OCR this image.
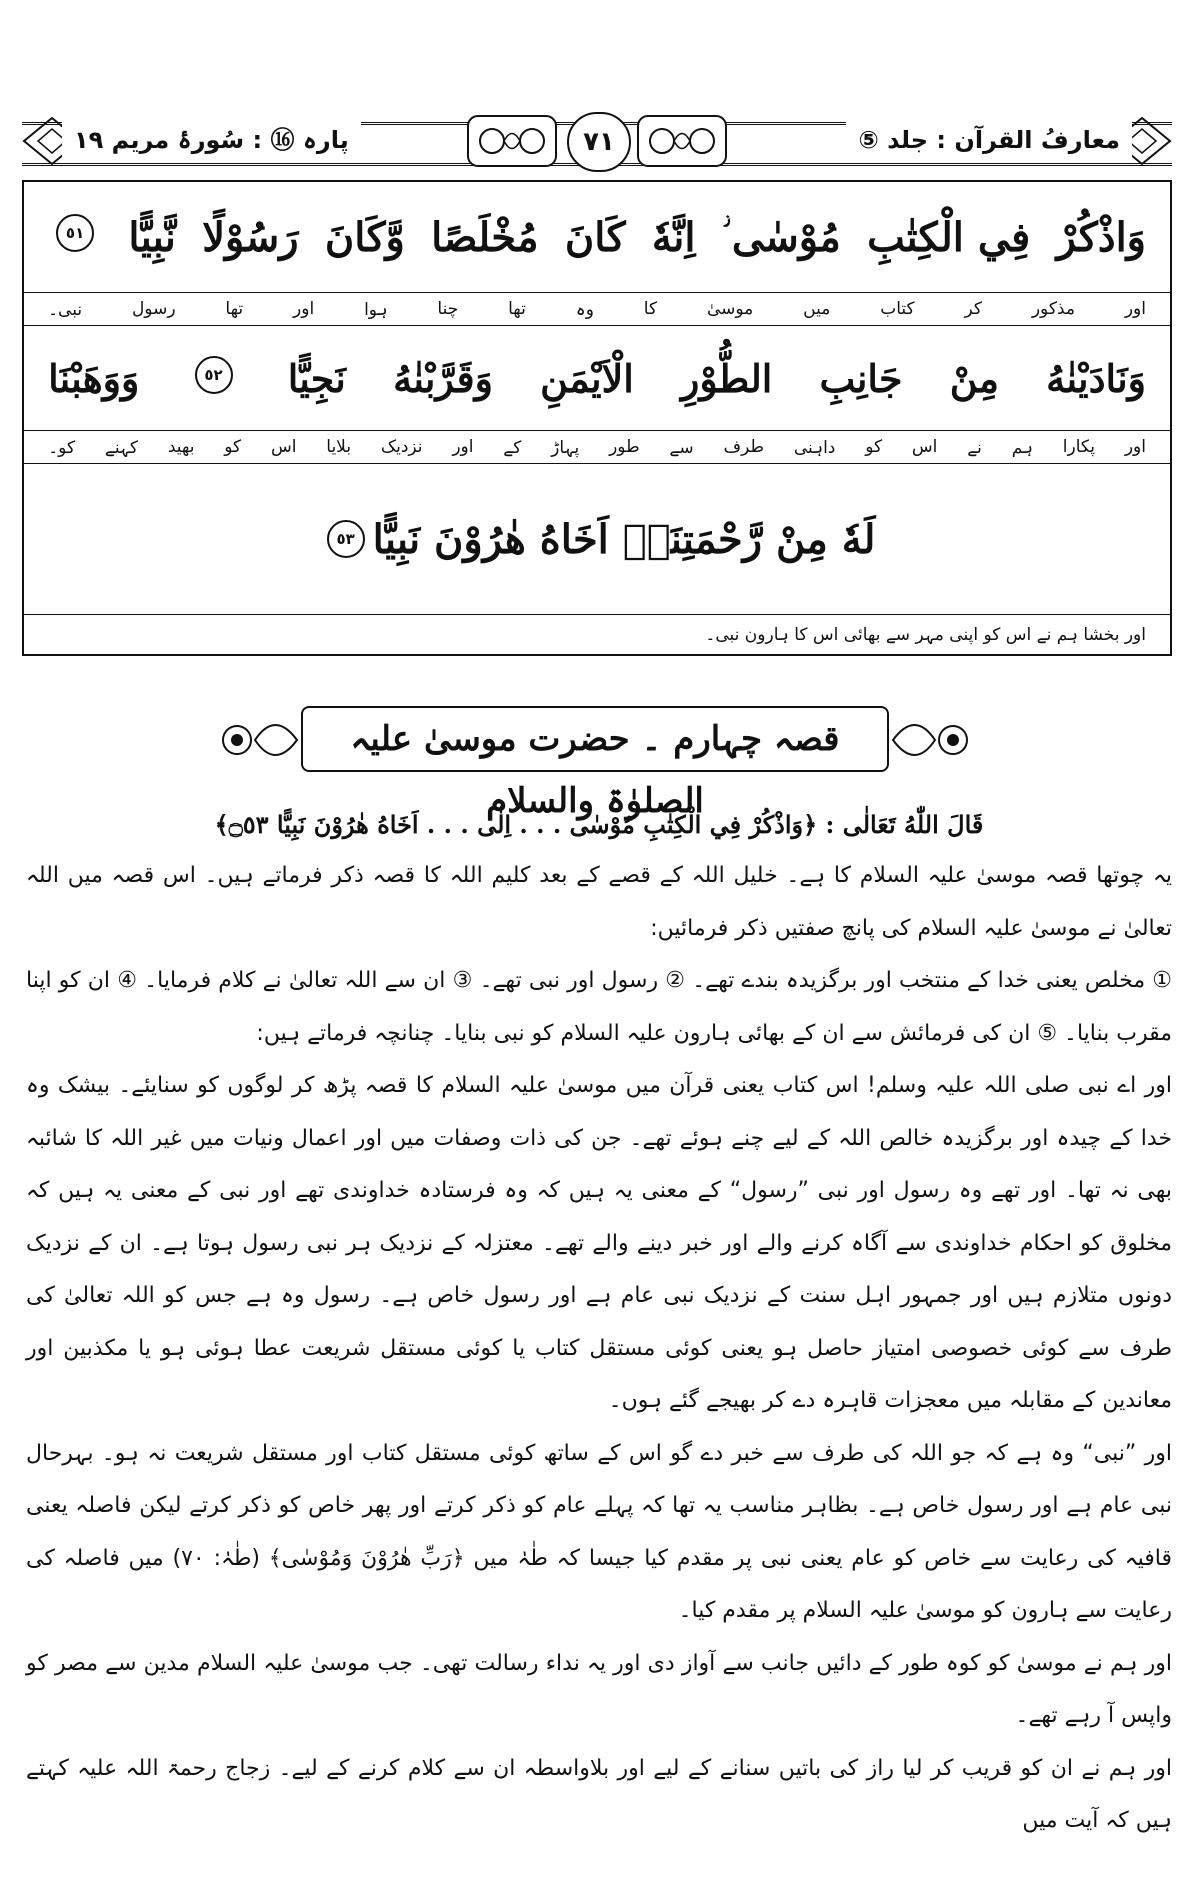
معارفُ القرآن : جلد ⑤
٧١
پارہ ⑯ : سُورۂ مریم ١٩
وَاذْكُرْ
فِي الْكِتٰبِ
مُوْسٰى ؗ
اِنَّهٗ
كَانَ
مُخْلَصًا
وَّكَانَ
رَسُوْلًا
نَّبِيًّا
٥١
اور
مذکور
کر
کتاب
میں
موسیٰ
کا
وہ
تھا
چنا
ہوا
اور
تھا
رسول
نبی۔
وَنَادَيْنٰهُ
مِنْ
جَانِبِ
الطُّوْرِ
الْاَيْمَنِ
وَقَرَّبْنٰهُ
نَجِيًّا
٥٢
وَوَهَبْنَا
اور
پکارا
ہم
نے
اس
کو
داہنی
طرف
سے
طور
پہاڑ
کے
اور
نزدیک
بلایا
اس
کو
بھید
کہنے
کو۔
لَهٗ مِنْ رَّحْمَتِنَاۤ اَخَاهُ هٰرُوْنَ نَبِيًّا
٥٣
اور بخشا ہم نے اس کو اپنی مہر سے بھائی اس کا ہارون نبی۔
قصہ چہارم ۔ حضرت موسیٰ علیہ الصلوٰۃ والسلام
قَالَ اللّٰهُ تَعَالٰى : ﴿وَاذْكُرْ فِي الْكِتٰبِ مُوْسٰى . . . اِلٰى . . . اَخَاهُ هٰرُوْنَ نَبِيًّا ۝٥٣﴾

یہ چوتھا قصہ موسیٰ علیہ السلام کا ہے۔ خلیل اللہ کے قصے کے بعد کلیم اللہ کا قصہ ذکر فرماتے ہیں۔ اس قصہ میں اللہ تعالیٰ نے موسیٰ علیہ السلام کی پانچ صفتیں ذکر فرمائیں:

① مخلص یعنی خدا کے منتخب اور برگزیدہ بندے تھے۔ ② رسول اور نبی تھے۔ ③ ان سے اللہ تعالیٰ نے کلام فرمایا۔ ④ ان کو اپنا مقرب بنایا۔ ⑤ ان کی فرمائش سے ان کے بھائی ہارون علیہ السلام کو نبی بنایا۔ چنانچہ فرماتے ہیں:

اور اے نبی صلی اللہ علیہ وسلم! اس کتاب یعنی قرآن میں موسیٰ علیہ السلام کا قصہ پڑھ کر لوگوں کو سنایئے۔ بیشک وہ خدا کے چیدہ اور برگزیدہ خالص اللہ کے لیے چنے ہوئے تھے۔ جن کی ذات وصفات میں اور اعمال ونیات میں غیر اللہ کا شائبہ بھی نہ تھا۔ اور تھے وہ رسول اور نبی ”رسول“ کے معنی یہ ہیں کہ وہ فرستادہ خداوندی تھے اور نبی کے معنی یہ ہیں کہ مخلوق کو احکام خداوندی سے آگاہ کرنے والے اور خبر دینے والے تھے۔ معتزلہ کے نزدیک ہر نبی رسول ہوتا ہے۔ ان کے نزدیک دونوں متلازم ہیں اور جمہور اہل سنت کے نزدیک نبی عام ہے اور رسول خاص ہے۔ رسول وہ ہے جس کو اللہ تعالیٰ کی طرف سے کوئی خصوصی امتیاز حاصل ہو یعنی کوئی مستقل کتاب یا کوئی مستقل شریعت عطا ہوئی ہو یا مکذبین اور معاندین کے مقابلہ میں معجزات قاہرہ دے کر بھیجے گئے ہوں۔

اور ”نبی“ وہ ہے کہ جو اللہ کی طرف سے خبر دے گو اس کے ساتھ کوئی مستقل کتاب اور مستقل شریعت نہ ہو۔ بہرحال نبی عام ہے اور رسول خاص ہے۔ بظاہر مناسب یہ تھا کہ پہلے عام کو ذکر کرتے اور پھر خاص کو ذکر کرتے لیکن فاصلہ یعنی قافیہ کی رعایت سے خاص کو عام یعنی نبی پر مقدم کیا جیسا کہ طٰہٰ میں ﴿رَبِّ هٰرُوْنَ وَمُوْسٰى﴾ (طٰہٰ: ٧٠) میں فاصلہ کی رعایت سے ہارون کو موسیٰ علیہ السلام پر مقدم کیا۔

اور ہم نے موسیٰ کو کوہ طور کے دائیں جانب سے آواز دی اور یہ نداء رسالت تھی۔ جب موسیٰ علیہ السلام مدین سے مصر کو واپس آ رہے تھے۔

اور ہم نے ان کو قریب کر لیا راز کی باتیں سنانے کے لیے اور بلاواسطہ ان سے کلام کرنے کے لیے۔ زجاج رحمۃ اللہ علیہ کہتے ہیں کہ آیت میں
